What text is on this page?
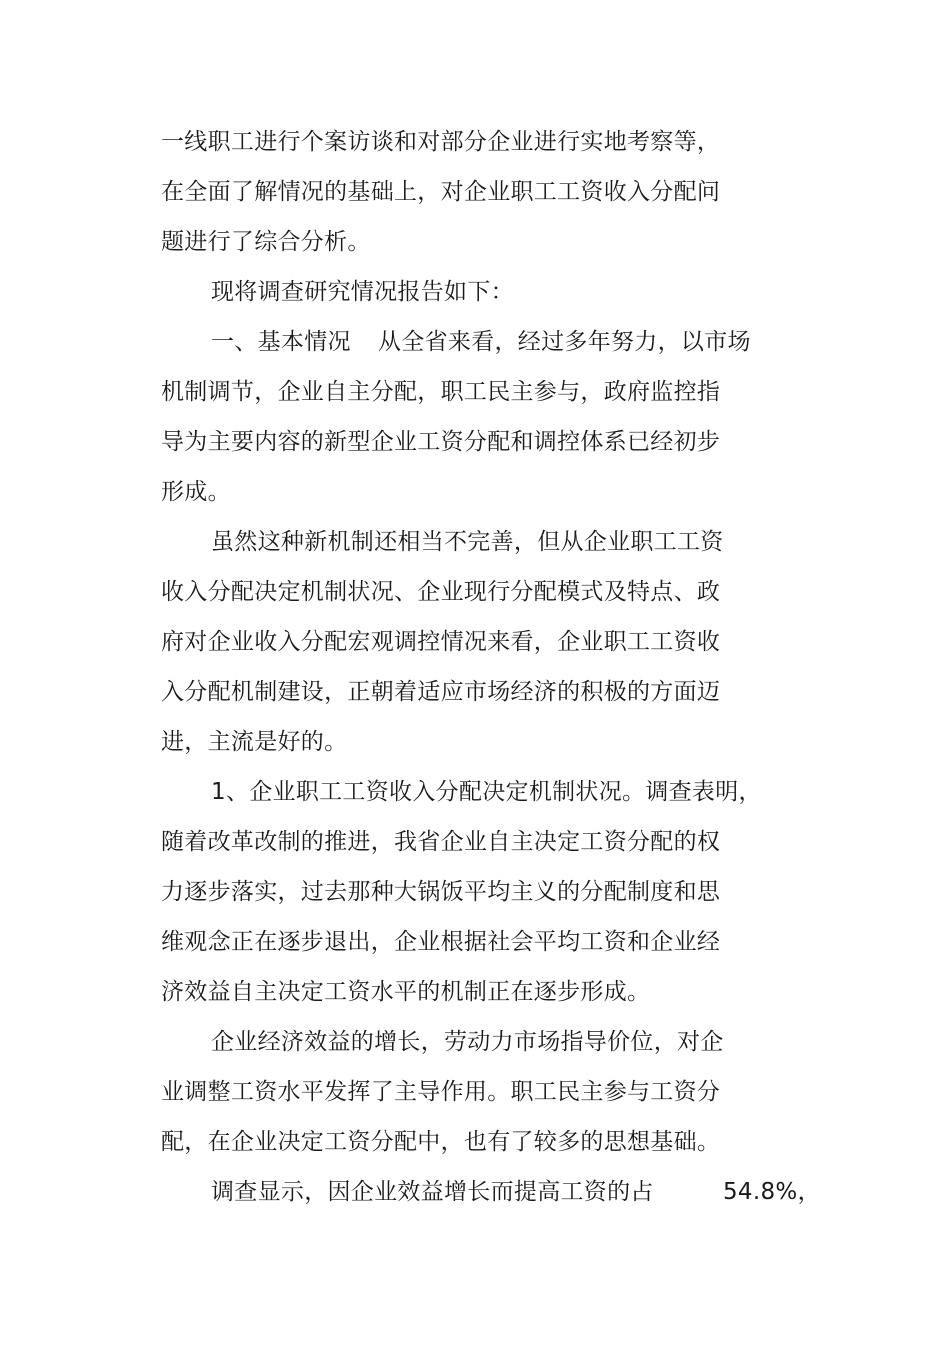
一线职工进行个案访谈和对部分企业进行实地考察等，
在全面了解情况的基础上，对企业职工工资收入分配问
题进行了综合分析。
现将调查研究情况报告如下：
一、基本情况 从全省来看，经过多年努力，以市场
机制调节，企业自主分配，职工民主参与，政府监控指
导为主要内容的新型企业工资分配和调控体系已经初步
形成。
虽然这种新机制还相当不完善，但从企业职工工资
收入分配决定机制状况、企业现行分配模式及特点、政
府对企业收入分配宏观调控情况来看，企业职工工资收
入分配机制建设，正朝着适应市场经济的积极的方面迈
进，主流是好的。
1、企业职工工资收入分配决定机制状况。调查表明，
随着改革改制的推进，我省企业自主决定工资分配的权
力逐步落实，过去那种大锅饭平均主义的分配制度和思
维观念正在逐步退出，企业根据社会平均工资和企业经
济效益自主决定工资水平的机制正在逐步形成。
企业经济效益的增长，劳动力市场指导价位，对企
业调整工资水平发挥了主导作用。职工民主参与工资分
配，在企业决定工资分配中，也有了较多的思想基础。
调查显示，因企业效益增长而提高工资的占	54.8%，
